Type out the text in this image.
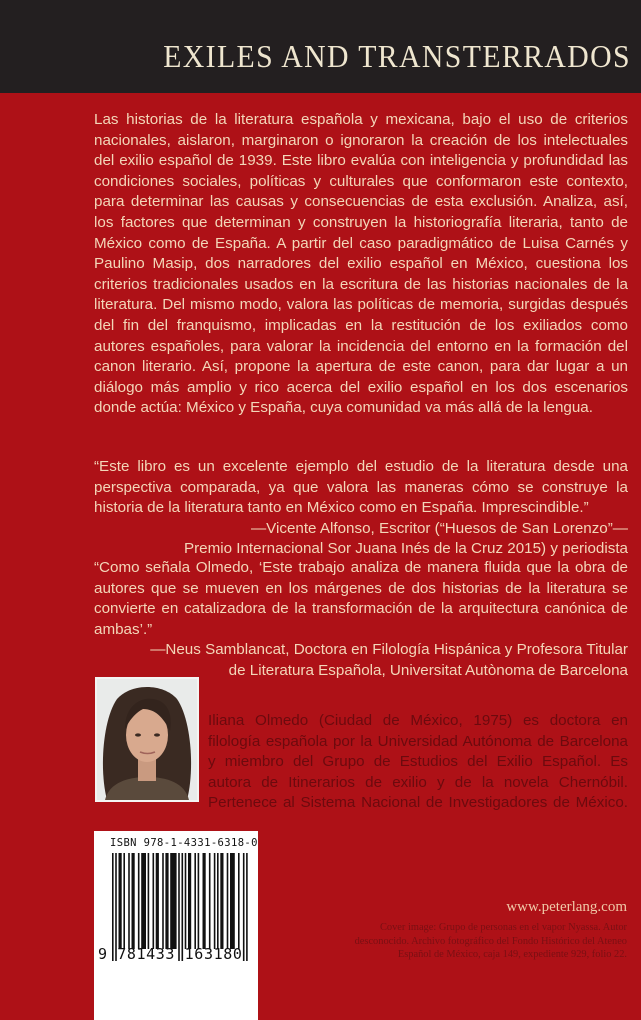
EXILES AND TRANSTERRADOS
Las historias de la literatura española y mexicana, bajo el uso de criterios nacionales, aislaron, marginaron o ignoraron la creación de los intelectuales del exilio español de 1939. Este libro evalúa con inteligencia y profundidad las condiciones sociales, políticas y culturales que conformaron este contexto, para determinar las causas y consecuencias de esta exclusión. Analiza, así, los factores que determinan y construyen la historiografía literaria, tanto de México como de España. A partir del caso paradigmático de Luisa Carnés y Paulino Masip, dos narradores del exilio español en México, cuestiona los criterios tradicionales usados en la escritura de las historias nacionales de la literatura. Del mismo modo, valora las políticas de memoria, surgidas después del fin del franquismo, implicadas en la restitución de los exiliados como autores españoles, para valorar la incidencia del entorno en la formación del canon literario. Así, propone la apertura de este canon, para dar lugar a un diálogo más amplio y rico acerca del exilio español en los dos escenarios donde actúa: México y España, cuya comunidad va más allá de la lengua.
“Este libro es un excelente ejemplo del estudio de la literatura desde una perspectiva comparada, ya que valora las maneras cómo se construye la historia de la literatura tanto en México como en España. Imprescindible.”
—Vicente Alfonso, Escritor (“Huesos de San Lorenzo”—
Premio Internacional Sor Juana Inés de la Cruz 2015) y periodista
“Como señala Olmedo, ‘Este trabajo analiza de manera fluida que la obra de autores que se mueven en los márgenes de dos historias de la literatura se convierte en catalizadora de la transformación de la arquitectura canónica de ambas’.”
—Neus Samblancat, Doctora en Filología Hispánica y Profesora Titular
de Literatura Española, Universitat Autònoma de Barcelona
Iliana Olmedo (Ciudad de México, 1975) es doctora en filología española por la Universidad Autónoma de Barcelona y miembro del Grupo de Estudios del Exilio Español. Es autora de Itinerarios de exilio y de la novela Chernóbil. Pertenece al Sistema Nacional de Investigadores de México.
ISBN 978-1-4331-6318-0
9 781433 163180
www.peterlang.com
Cover image: Grupo de personas en el vapor Nyassa. Autor desconocido. Archivo fotográfico del Fondo Histórico del Ateneo Español de México, caja 149, expediente 929, folio 22.
